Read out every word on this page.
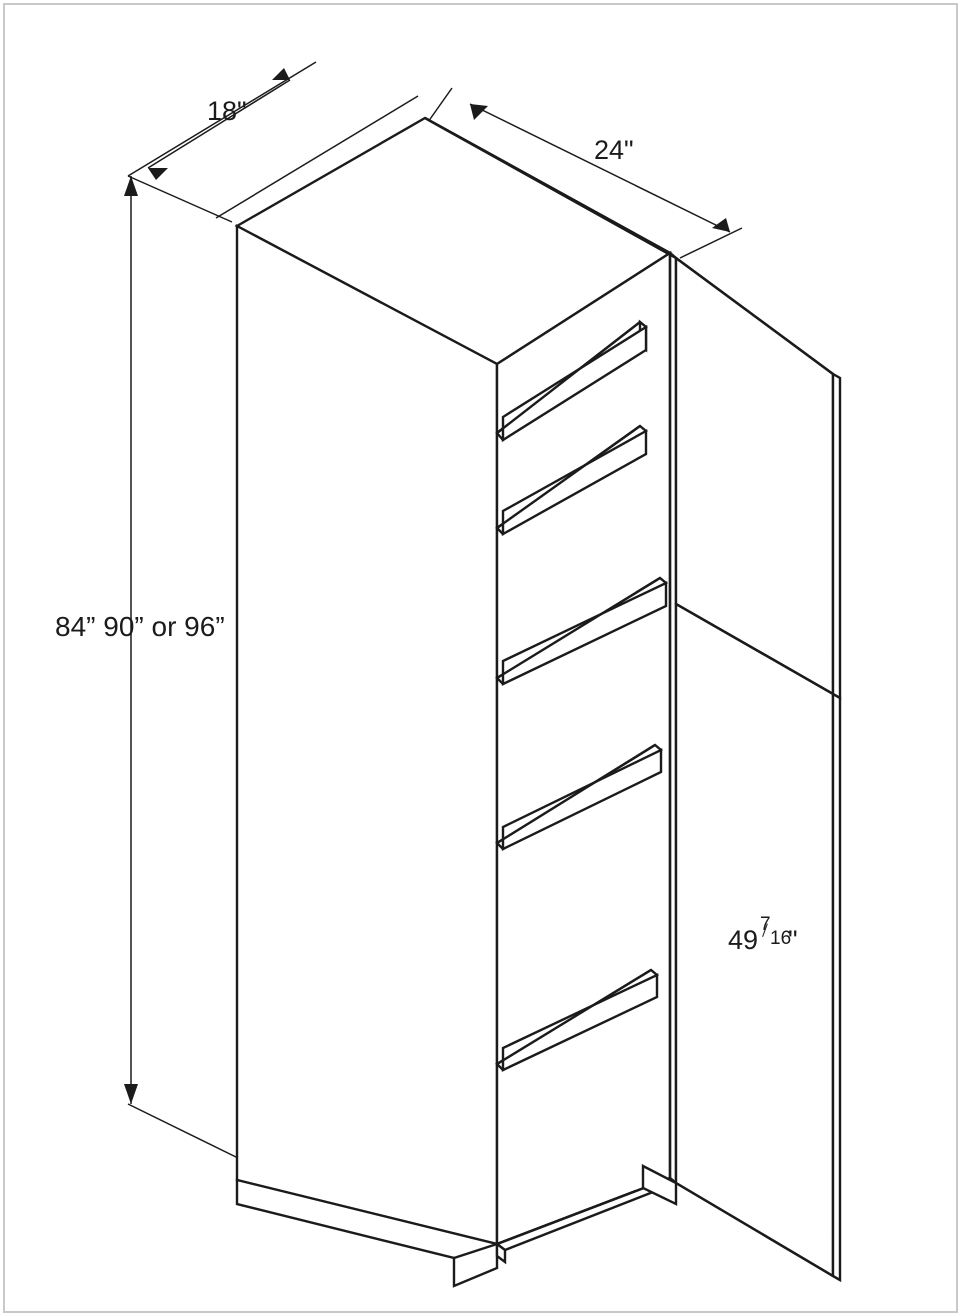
18"
24"
84” 90” or 96”
49
7
16
"
